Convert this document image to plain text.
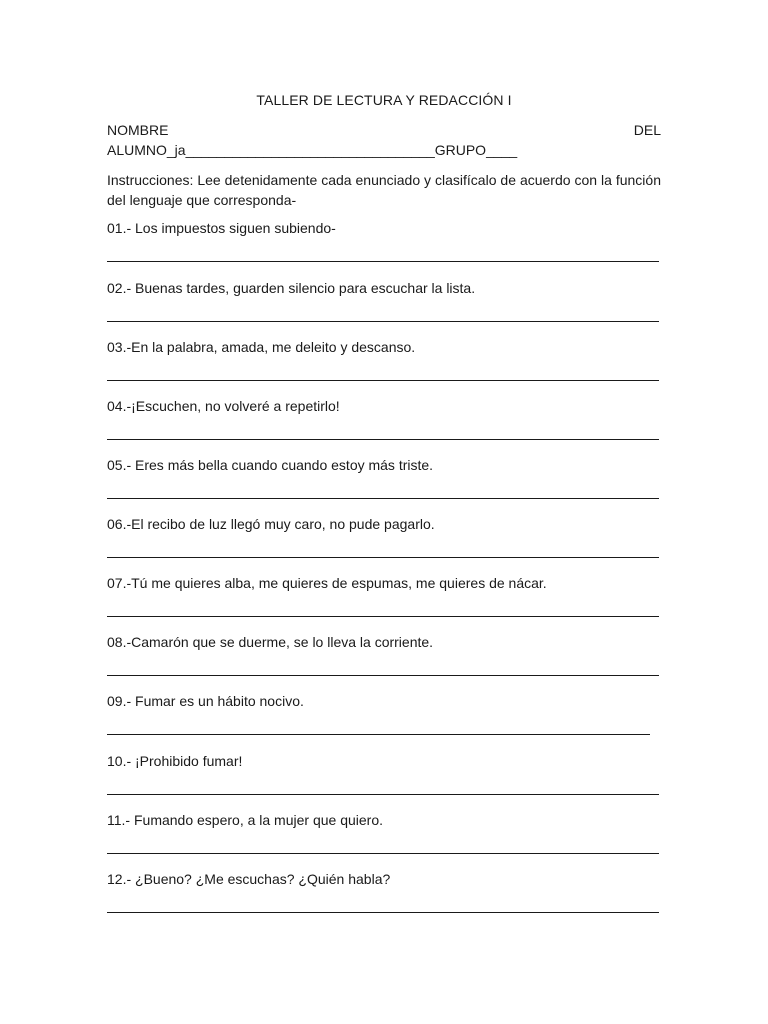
TALLER DE LECTURA Y REDACCIÓN I
NOMBRE	DEL
ALUMNO_ja________________________________GRUPO____
Instrucciones: Lee detenidamente cada enunciado y clasifícalo de acuerdo con la función del lenguaje que corresponda-
01.- Los impuestos siguen subiendo-
02.- Buenas tardes, guarden silencio para escuchar la lista.
03.-En la palabra, amada, me deleito y descanso.
04.-¡Escuchen, no volveré a repetirlo!
05.- Eres más bella cuando cuando estoy más triste.
06.-El recibo de luz llegó muy caro, no pude pagarlo.
07.-Tú me quieres alba, me quieres de espumas, me quieres de nácar.
08.-Camarón que se duerme, se lo lleva la corriente.
09.- Fumar es un hábito nocivo.
10.- ¡Prohibido fumar!
11.- Fumando espero, a la mujer que quiero.
12.- ¿Bueno? ¿Me escuchas? ¿Quién habla?
